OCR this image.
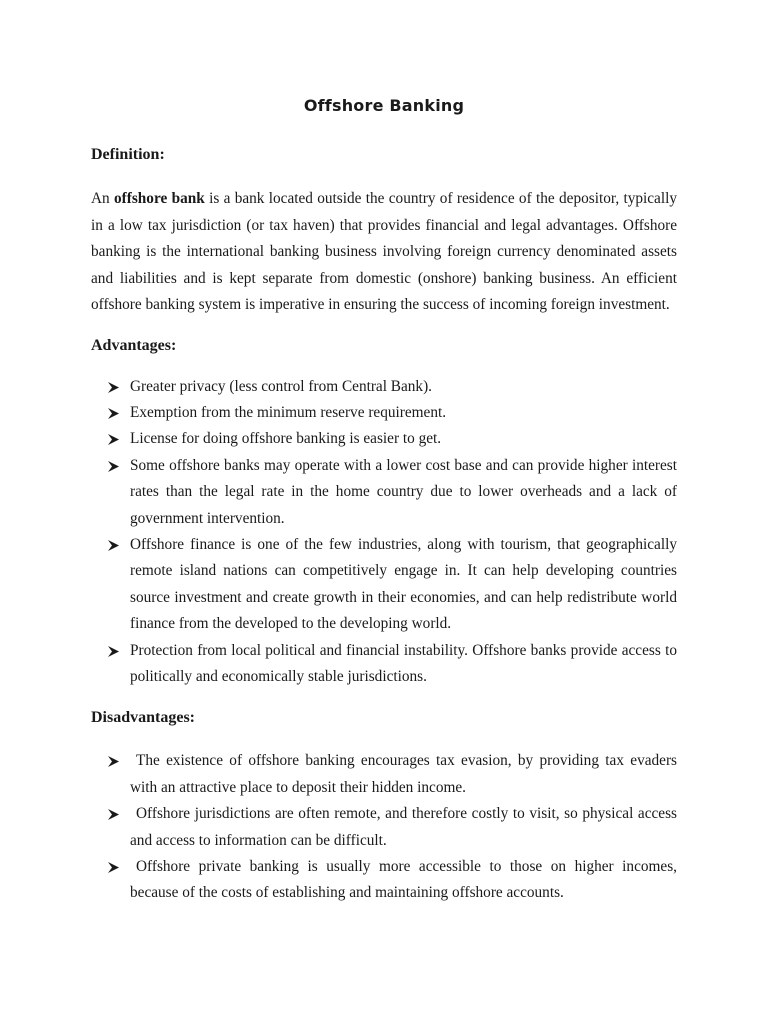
Offshore Banking

Definition:

An offshore bank is a bank located outside the country of residence of the depositor, typically in a low tax jurisdiction (or tax haven) that provides financial and legal advantages. Offshore banking is the international banking business involving foreign currency denominated assets and liabilities and is kept separate from domestic (onshore) banking business. An efficient offshore banking system is imperative in ensuring the success of incoming foreign investment.

Advantages:

Greater privacy (less control from Central Bank).
Exemption from the minimum reserve requirement.
License for doing offshore banking is easier to get.
Some offshore banks may operate with a lower cost base and can provide higher interest rates than the legal rate in the home country due to lower overheads and a lack of government intervention.
Offshore finance is one of the few industries, along with tourism, that geographically remote island nations can competitively engage in. It can help developing countries source investment and create growth in their economies, and can help redistribute world finance from the developed to the developing world.
Protection from local political and financial instability. Offshore banks provide access to politically and economically stable jurisdictions.

Disadvantages:

The existence of offshore banking encourages tax evasion, by providing tax evaders with an attractive place to deposit their hidden income.
Offshore jurisdictions are often remote, and therefore costly to visit, so physical access and access to information can be difficult.
Offshore private banking is usually more accessible to those on higher incomes, because of the costs of establishing and maintaining offshore accounts.
